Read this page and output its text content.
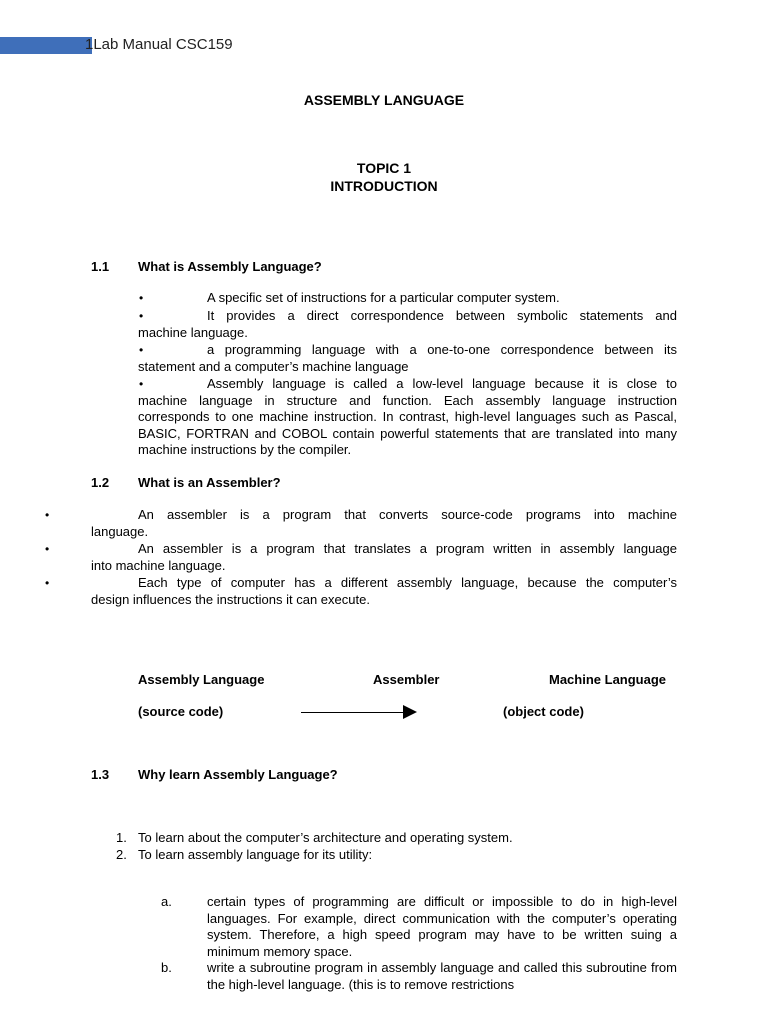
1Lab Manual CSC159
ASSEMBLY LANGUAGE
TOPIC 1
INTRODUCTION
1.1 What is Assembly Language?
•	A specific set of instructions for a particular computer system.
•	It provides a direct correspondence between symbolic statements and
machine language.
•	a programming language with a one-to-one correspondence between its
statement and a computer’s machine language
•	Assembly language is called a low-level language because it is close to
machine language in structure and function. Each assembly language instruction corresponds to one machine instruction. In contrast, high-level languages such as Pascal, BASIC, FORTRAN and COBOL contain powerful statements that are translated into many machine instructions by the compiler.
1.2 What is an Assembler?
•	An assembler is a program that converts source-code programs into machine
language.
•	An assembler is a program that translates a program written in assembly language
into machine language.
•	Each type of computer has a different assembly language, because the computer’s
design influences the instructions it can execute.
Assembly Language	Assembler	Machine Language
(source code)	(object code)
1.3 Why learn Assembly Language?
1. To learn about the computer’s architecture and operating system.
2. To learn assembly language for its utility:
a.	certain types of programming are difficult or impossible to do in high-level languages. For example, direct communication with the computer’s operating system. Therefore, a high speed program may have to be written suing a minimum memory space.
b.	write a subroutine program in assembly language and called this subroutine from the high-level language. (this is to remove restrictions
